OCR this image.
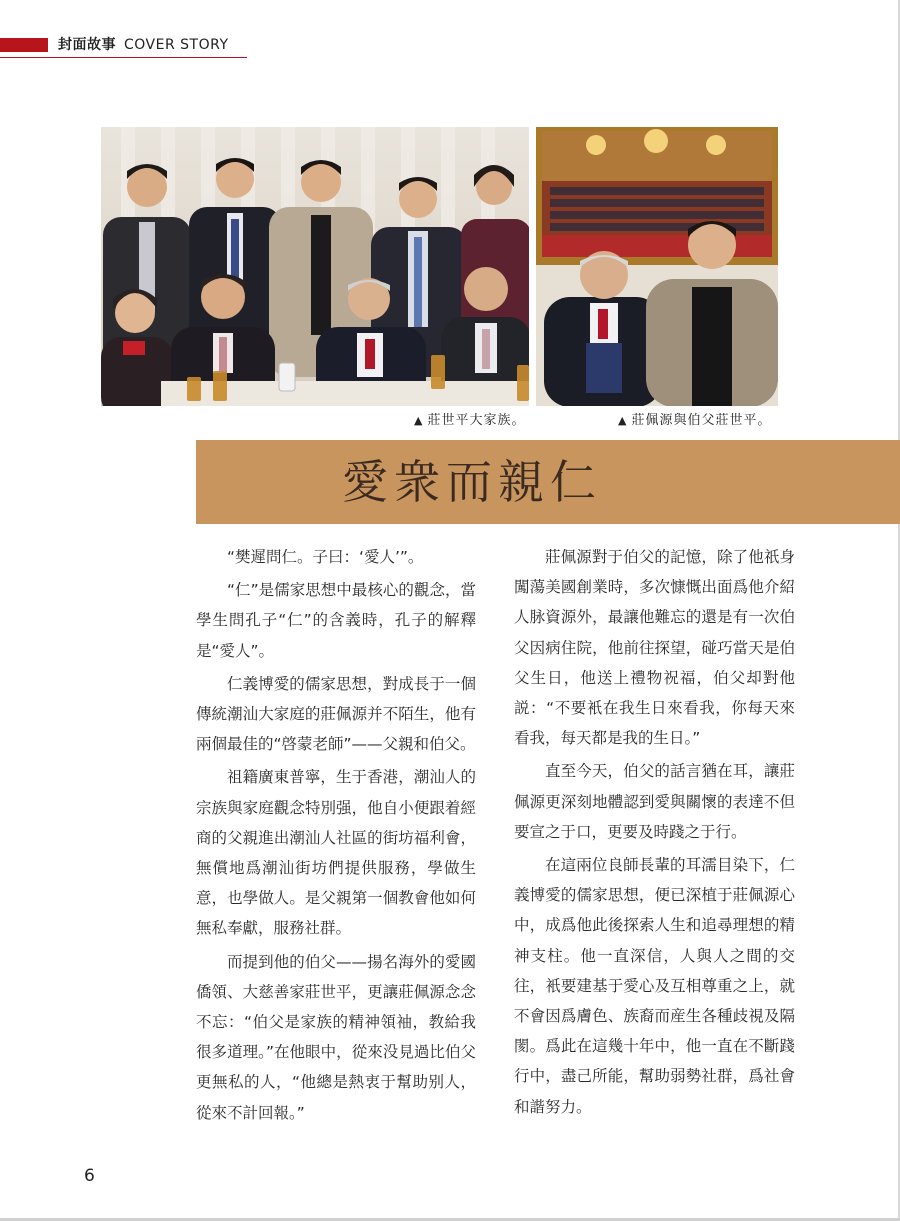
封面故事 COVER STORY
▲ 莊世平大家族。	▲ 莊佩源與伯父莊世平。
愛衆而親仁

“樊遲問仁。子曰：‘愛人’”。

“仁”是儒家思想中最核心的觀念，當學生問孔子“仁”的含義時，孔子的解釋是“愛人”。

仁義博愛的儒家思想，對成長于一個傳統潮汕大家庭的莊佩源并不陌生，他有兩個最佳的“啓蒙老師”——父親和伯父。

祖籍廣東普寧，生于香港，潮汕人的宗族與家庭觀念特別强，他自小便跟着經商的父親進出潮汕人社區的街坊福利會，無償地爲潮汕街坊們提供服務，學做生意，也學做人。是父親第一個教會他如何無私奉獻，服務社群。

而提到他的伯父——揚名海外的愛國僑領、大慈善家莊世平，更讓莊佩源念念不忘：“伯父是家族的精神領袖，教給我很多道理。”在他眼中，從來没見過比伯父更無私的人，“他總是熱衷于幫助别人，從來不計回報。”

莊佩源對于伯父的記憶，除了他祇身闖蕩美國創業時，多次慷慨出面爲他介紹人脉資源外，最讓他難忘的還是有一次伯父因病住院，他前往探望，碰巧當天是伯父生日，他送上禮物祝福，伯父却對他説：“不要衹在我生日來看我，你每天來看我，每天都是我的生日。”

直至今天，伯父的話言猶在耳，讓莊佩源更深刻地體認到愛與關懷的表達不但要宣之于口，更要及時踐之于行。

在這兩位良師長輩的耳濡目染下，仁義博愛的儒家思想，便已深植于莊佩源心中，成爲他此後探索人生和追尋理想的精神支柱。他一直深信，人與人之間的交往，衹要建基于愛心及互相尊重之上，就不會因爲膚色、族裔而産生各種歧視及隔閡。爲此在這幾十年中，他一直在不斷踐行中，盡己所能，幫助弱勢社群，爲社會和諧努力。

6
